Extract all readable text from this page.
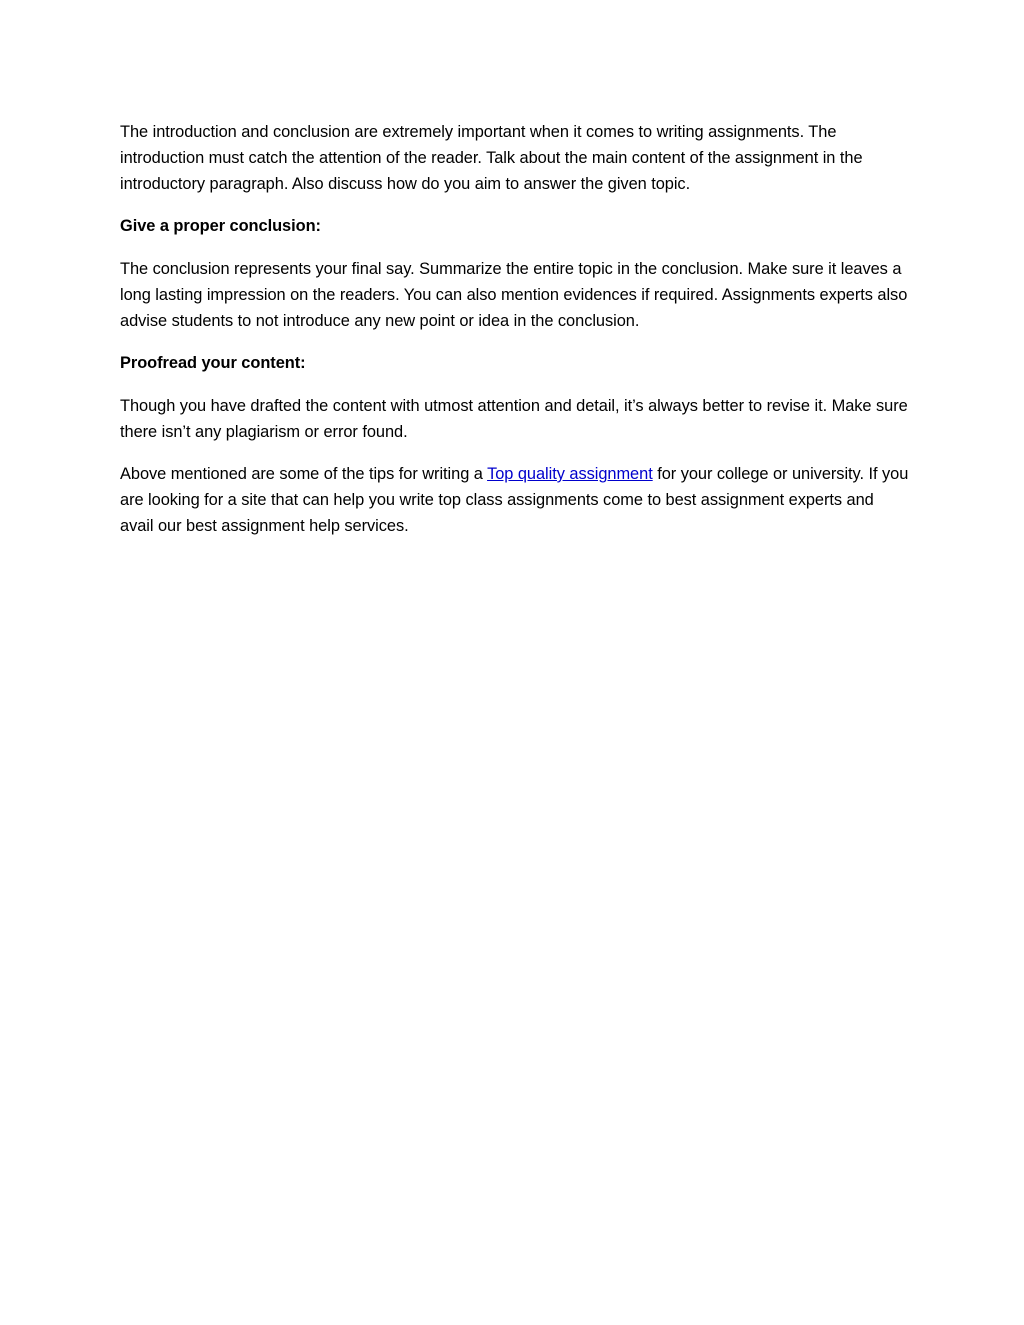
The introduction and conclusion are extremely important when it comes to writing assignments. The introduction must catch the attention of the reader. Talk about the main content of the assignment in the introductory paragraph. Also discuss how do you aim to answer the given topic.

Give a proper conclusion:

The conclusion represents your final say. Summarize the entire topic in the conclusion. Make sure it leaves a long lasting impression on the readers. You can also mention evidences if required. Assignments experts also advise students to not introduce any new point or idea in the conclusion.

Proofread your content:

Though you have drafted the content with utmost attention and detail, it’s always better to revise it. Make sure there isn’t any plagiarism or error found.

Above mentioned are some of the tips for writing a Top quality assignment for your college or university. If you are looking for a site that can help you write top class assignments come to best assignment experts and avail our best assignment help services.
